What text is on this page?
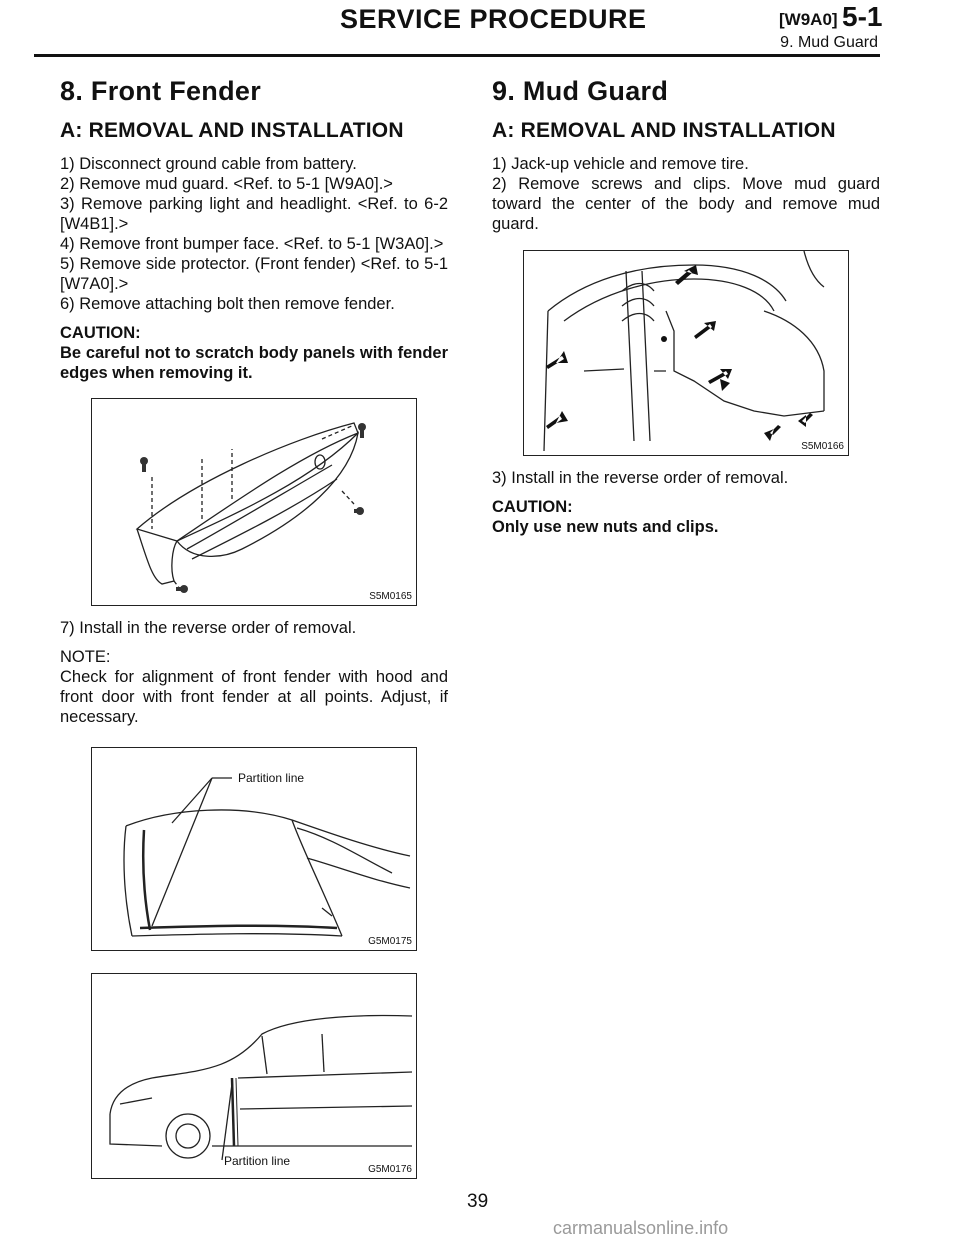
SERVICE PROCEDURE	[W9A0] 5-1
9. Mud Guard
8. Front Fender
A: REMOVAL AND INSTALLATION

1) Disconnect ground cable from battery.

2) Remove mud guard. <Ref. to 5-1 [W9A0].>

3) Remove parking light and headlight. <Ref. to 6-2 [W4B1].>

4) Remove front bumper face. <Ref. to 5-1 [W3A0].>

5) Remove side protector. (Front fender) <Ref. to 5-1 [W7A0].>

6) Remove attaching bolt then remove fender.

CAUTION:

Be careful not to scratch body panels with fender edges when removing it.

S5M0165

7) Install in the reverse order of removal.

NOTE:

Check for alignment of front fender with hood and front door with front fender at all points. Adjust, if necessary.

Partition line
G5M0175
Partition line
G5M0176
9. Mud Guard
A: REMOVAL AND INSTALLATION

1) Jack-up vehicle and remove tire.

2) Remove screws and clips. Move mud guard toward the center of the body and remove mud guard.

S5M0166

3) Install in the reverse order of removal.

CAUTION:

Only use new nuts and clips.

39
carmanualsonline.info
